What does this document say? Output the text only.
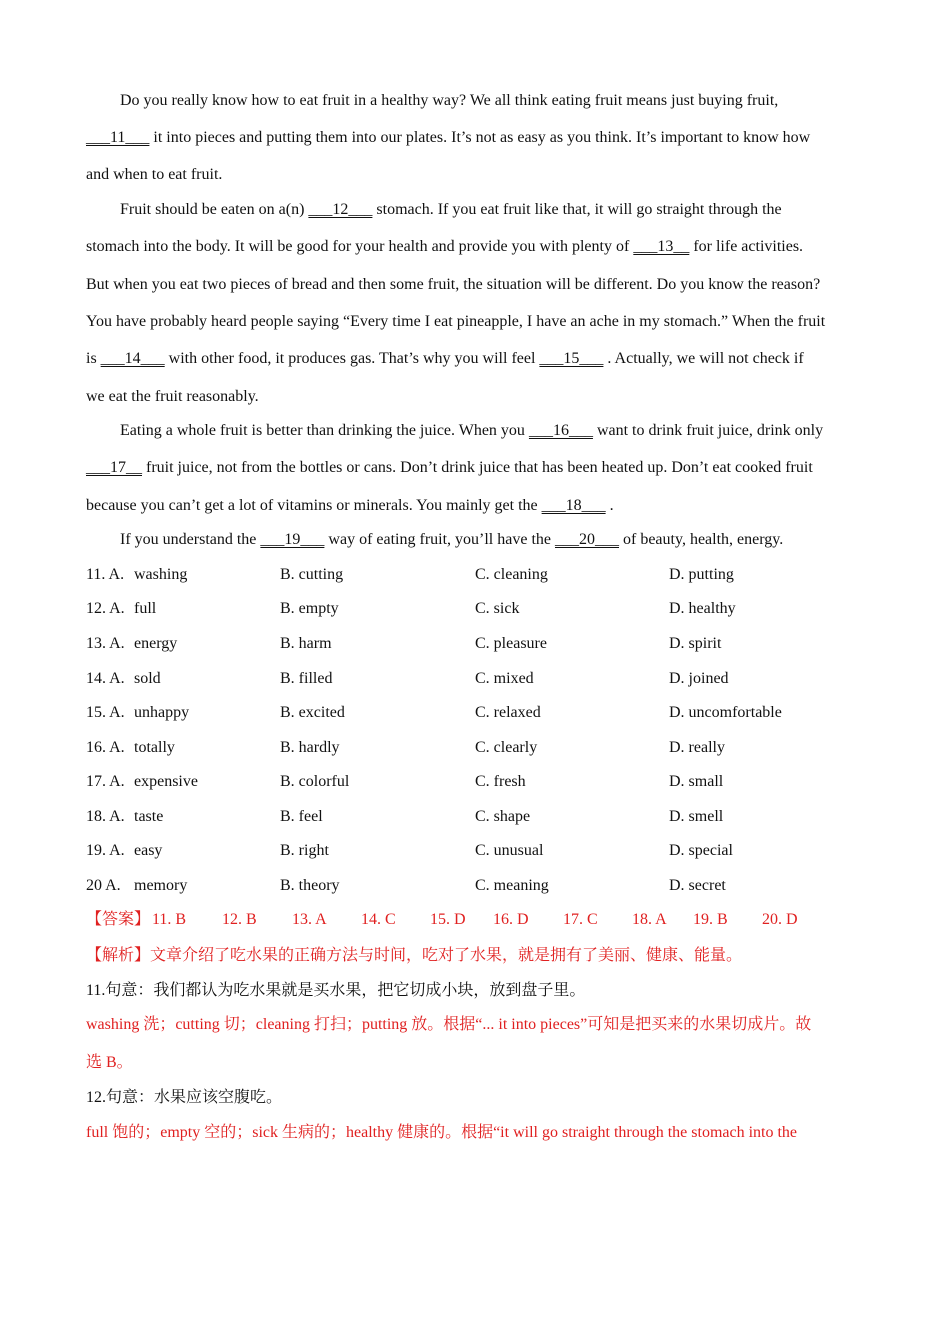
Do you really know how to eat fruit in a healthy way? We all think eating fruit means just buying fruit,
___11___ it into pieces and putting them into our plates. It’s not as easy as you think. It’s important to know how
and when to eat fruit.
Fruit should be eaten on a(n) ___12___ stomach. If you eat fruit like that, it will go straight through the
stomach into the body. It will be good for your health and provide you with plenty of ___13__ for life activities.
But when you eat two pieces of bread and then some fruit, the situation will be different. Do you know the reason?
You have probably heard people saying “Every time I eat pineapple, I have an ache in my stomach.” When the fruit
is ___14___ with other food, it produces gas. That’s why you will feel ___15___ . Actually, we will not check if
we eat the fruit reasonably.
Eating a whole fruit is better than drinking the juice. When you ___16___ want to drink fruit juice, drink only
___17__ fruit juice, not from the bottles or cans. Don’t drink juice that has been heated up. Don’t eat cooked fruit
because you can’t get a lot of vitamins or minerals. You mainly get the ___18___ .
If you understand the ___19___ way of eating fruit, you’ll have the ___20___ of beauty, health, energy.
11. A. washing	B. cutting	C. cleaning	D. putting
12. A. full	B. empty	C. sick	D. healthy
13. A. energy	B. harm	C. pleasure	D. spirit
14. A. sold	B. filled	C. mixed	D. joined
15. A. unhappy	B. excited	C. relaxed	D. uncomfortable
16. A. totally	B. hardly	C. clearly	D. really
17. A. expensive	B. colorful	C. fresh	D. small
18. A. taste	B. feel	C. shape	D. smell
19. A. easy	B. right	C. unusual	D. special
20 A. memory	B. theory	C. meaning	D. secret
【答案】 11. B 12. B 13. A 14. C 15. D 16. D 17. C 18. A 19. B 20. D
【解析】文章介绍了吃水果的正确方法与时间，吃对了水果，就是拥有了美丽、健康、能量。
11.句意：我们都认为吃水果就是买水果，把它切成小块，放到盘子里。
washing 洗；cutting 切；cleaning 打扫；putting 放。根据“... it into pieces”可知是把买来的水果切成片。故
选 B。
12.句意：水果应该空腹吃。
full 饱的；empty 空的；sick 生病的；healthy 健康的。根据“it will go straight through the stomach into the
